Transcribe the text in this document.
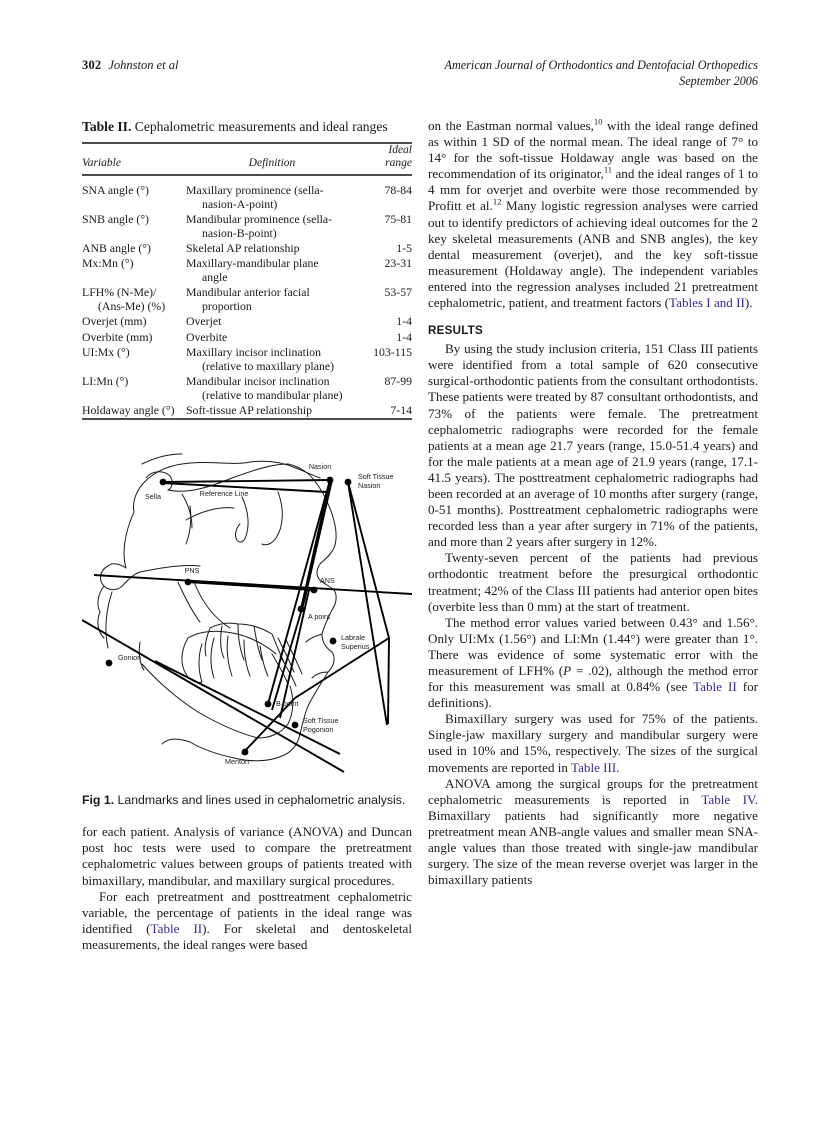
302 Johnston et al	American Journal of Orthodontics and Dentofacial Orthopedics
September 2006
Table II. Cephalometric measurements and ideal ranges
Variable	Definition	Ideal
range

SNA angle (°)	Maxillary prominence (sella-
nasion-A-point)	78-84
SNB angle (°)	Mandibular prominence (sella-
nasion-B-point)	75-81
ANB angle (°)	Skeletal AP relationship	1-5
Mx:Mn (°)	Maxillary-mandibular plane
angle	23-31
LFH% (N-Me)/
(Ans-Me) (%)	Mandibular anterior facial
proportion	53-57
Overjet (mm)	Overjet	1-4
Overbite (mm)	Overbite	1-4
UI:Mx (°)	Maxillary incisor inclination
(relative to maxillary plane)	103-115
LI:Mn (°)	Mandibular incisor inclination
(relative to mandibular plane)	87-99
Holdaway angle (°)	Soft-tissue AP relationship	7-14
Sella
Nasion
Soft Tissue
Nasion
Reference Line
PNS
ANS
A point
Labrale
Superius
Gonion
B point
Soft Tissue
Pogonion
Menton
Fig 1. Landmarks and lines used in cephalometric analysis.

for each patient. Analysis of variance (ANOVA) and Duncan post hoc tests were used to compare the pretreatment cephalometric values between groups of patients treated with bimaxillary, mandibular, and maxillary surgical procedures.

For each pretreatment and posttreatment cephalometric variable, the percentage of patients in the ideal range was identified (Table II). For skeletal and dentoskeletal measurements, the ideal ranges were based

on the Eastman normal values,$^{10}$ with the ideal range defined as within 1 SD of the normal mean. The ideal range of 7° to 14° for the soft-tissue Holdaway angle was based on the recommendation of its originator,$^{11}$ and the ideal ranges of 1 to 4 mm for overjet and overbite were those recommended by Profitt et al.$^{12}$ Many logistic regression analyses were carried out to identify predictors of achieving ideal outcomes for the 2 key skeletal measurements (ANB and SNB angles), the key dental measurement (overjet), and the key soft-tissue measurement (Holdaway angle). The independent variables entered into the regression analyses included 21 pretreatment cephalometric, patient, and treatment factors (Tables I and II).

RESULTS

By using the study inclusion criteria, 151 Class III patients were identified from a total sample of 620 consecutive surgical-orthodontic patients from the consultant orthodontists. These patients were treated by 87 consultant orthodontists, and 73% of the patients were female. The pretreatment cephalometric radiographs were recorded for the female patients at a mean age 21.7 years (range, 15.0-51.4 years) and for the male patients at a mean age of 21.9 years (range, 17.1-41.5 years). The posttreatment cephalometric radiographs had been recorded at an average of 10 months after surgery (range, 0-51 months). Posttreatment cephalometric radiographs were recorded less than a year after surgery in 71% of the patients, and more than 2 years after surgery in 12%.

Twenty-seven percent of the patients had previous orthodontic treatment before the presurgical orthodontic treatment; 42% of the Class III patients had anterior open bites (overbite less than 0 mm) at the start of treatment.

The method error values varied between 0.43° and 1.56°. Only UI:Mx (1.56°) and LI:Mn (1.44°) were greater than 1°. There was evidence of some systematic error with the measurement of LFH% (P = .02), although the method error for this measurement was small at 0.84% (see Table II for definitions).

Bimaxillary surgery was used for 75% of the patients. Single-jaw maxillary surgery and mandibular surgery were used in 10% and 15%, respectively. The sizes of the surgical movements are reported in Table III.

ANOVA among the surgical groups for the pretreatment cephalometric measurements is reported in Table IV. Bimaxillary patients had significantly more negative pretreatment mean ANB-angle values and smaller mean SNA-angle values than those treated with single-jaw mandibular surgery. The size of the mean reverse overjet was larger in the bimaxillary patients
